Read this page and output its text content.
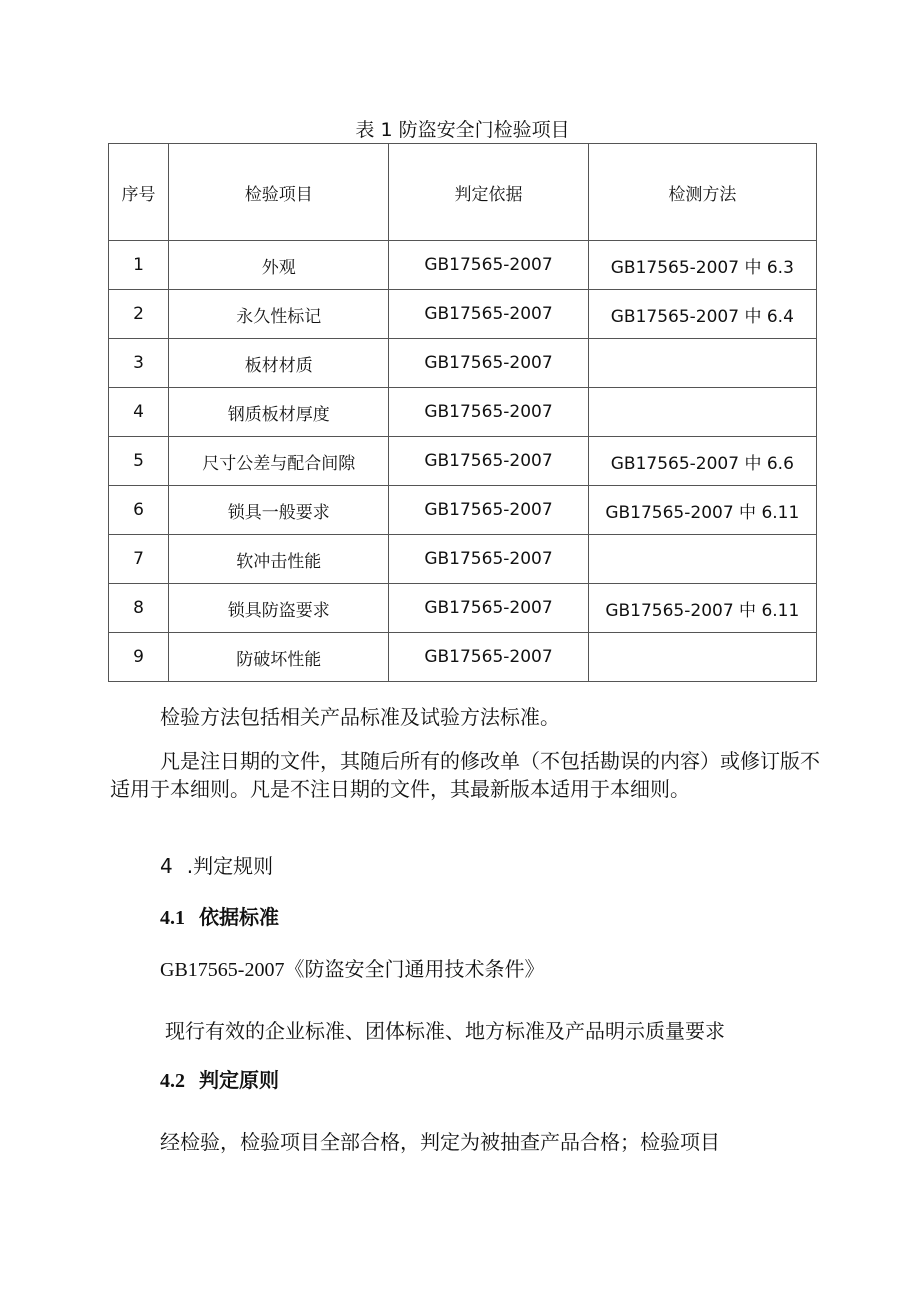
表 1 防盗安全门检验项目
序号	检验项目	判定依据	检测方法
1	外观	GB17565-2007	GB17565-2007 中 6.3
2	永久性标记	GB17565-2007	GB17565-2007 中 6.4
3	板材材质	GB17565-2007	
4	钢质板材厚度	GB17565-2007	
5	尺寸公差与配合间隙	GB17565-2007	GB17565-2007 中 6.6
6	锁具一般要求	GB17565-2007	GB17565-2007 中 6.11
7	软冲击性能	GB17565-2007	
8	锁具防盗要求	GB17565-2007	GB17565-2007 中 6.11
9	防破坏性能	GB17565-2007	

检验方法包括相关产品标准及试验方法标准。

凡是注日期的文件，其随后所有的修改单（不包括勘误的内容）或修订版不适用于本细则。凡是不注日期的文件，其最新版本适用于本细则。

4 .判定规则

4.1 依据标准

GB17565-2007《防盗安全门通用技术条件》

现行有效的企业标准、团体标准、地方标准及产品明示质量要求

4.2 判定原则

经检验，检验项目全部合格，判定为被抽查产品合格；检验项目
